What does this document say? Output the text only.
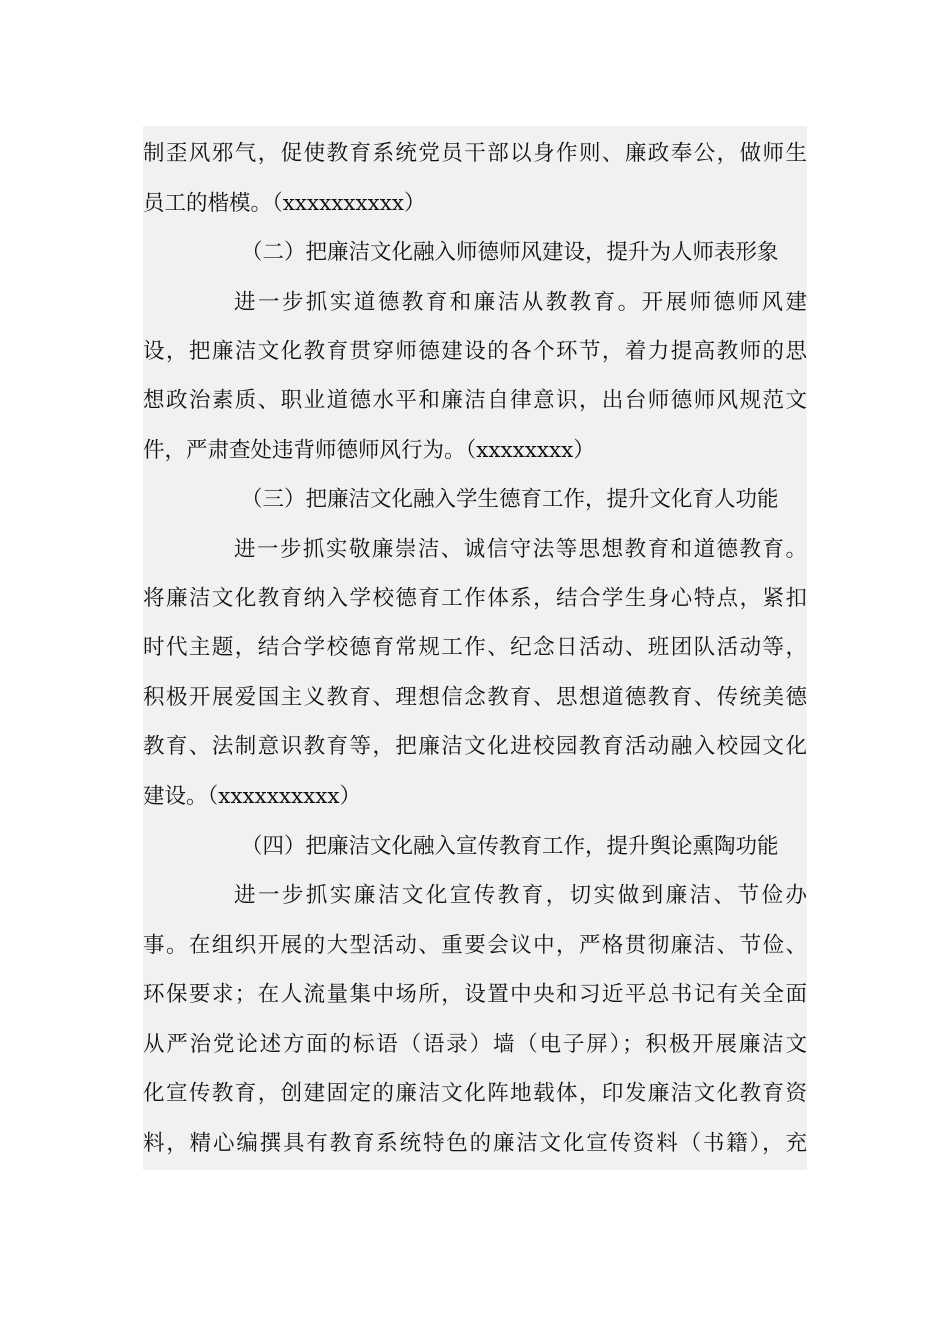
制歪风邪气，促使教育系统党员干部以身作则、廉政奉公，做师生
员工的楷模。（xxxxxxxxxx）
（二）把廉洁文化融入师德师风建设，提升为人师表形象
进一步抓实道德教育和廉洁从教教育。开展师德师风建
设，把廉洁文化教育贯穿师德建设的各个环节，着力提高教师的思
想政治素质、职业道德水平和廉洁自律意识，出台师德师风规范文
件，严肃查处违背师德师风行为。（xxxxxxxx）
（三）把廉洁文化融入学生德育工作，提升文化育人功能
进一步抓实敬廉崇洁、诚信守法等思想教育和道德教育。
将廉洁文化教育纳入学校德育工作体系，结合学生身心特点，紧扣
时代主题，结合学校德育常规工作、纪念日活动、班团队活动等，
积极开展爱国主义教育、理想信念教育、思想道德教育、传统美德
教育、法制意识教育等，把廉洁文化进校园教育活动融入校园文化
建设。（xxxxxxxxxx）
（四）把廉洁文化融入宣传教育工作，提升舆论熏陶功能
进一步抓实廉洁文化宣传教育，切实做到廉洁、节俭办
事。在组织开展的大型活动、重要会议中，严格贯彻廉洁、节俭、
环保要求；在人流量集中场所，设置中央和习近平总书记有关全面
从严治党论述方面的标语（语录）墙（电子屏）；积极开展廉洁文
化宣传教育，创建固定的廉洁文化阵地载体，印发廉洁文化教育资
料，精心编撰具有教育系统特色的廉洁文化宣传资料（书籍），充
